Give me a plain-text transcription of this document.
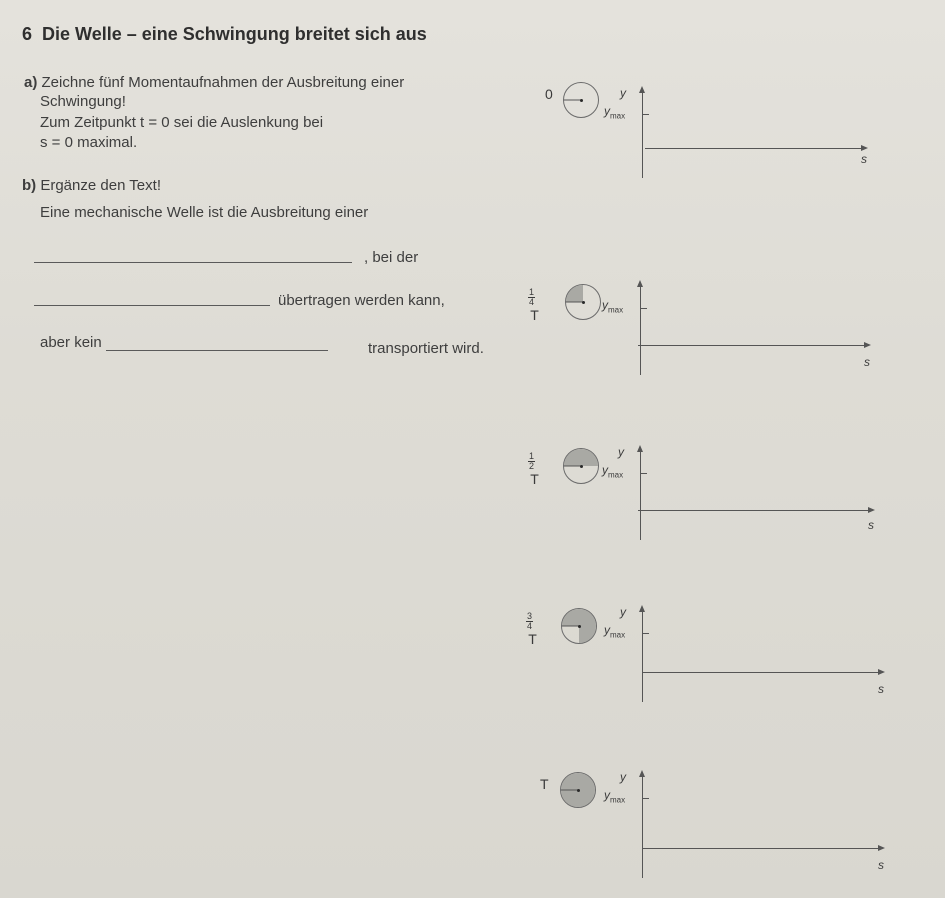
6 Die Welle – eine Schwingung breitet sich aus
a) Zeichne fünf Momentaufnahmen der Ausbreitung einer
Schwingung!
Zum Zeitpunkt t = 0 sei die Auslenkung bei
s = 0 maximal.
b) Ergänze den Text!
Eine mechanische Welle ist die Ausbreitung einer
, bei der
übertragen werden kann,
aber kein	transportiert wird.
0	y
$y_{max}$
s
$\frac{1}{4}$
T
$y_{max}$
s
$\frac{1}{2}$
T
y
$y_{max}$
s
$\frac{3}{4}$
T
y
$y_{max}$
s
T	y
$y_{max}$
s
